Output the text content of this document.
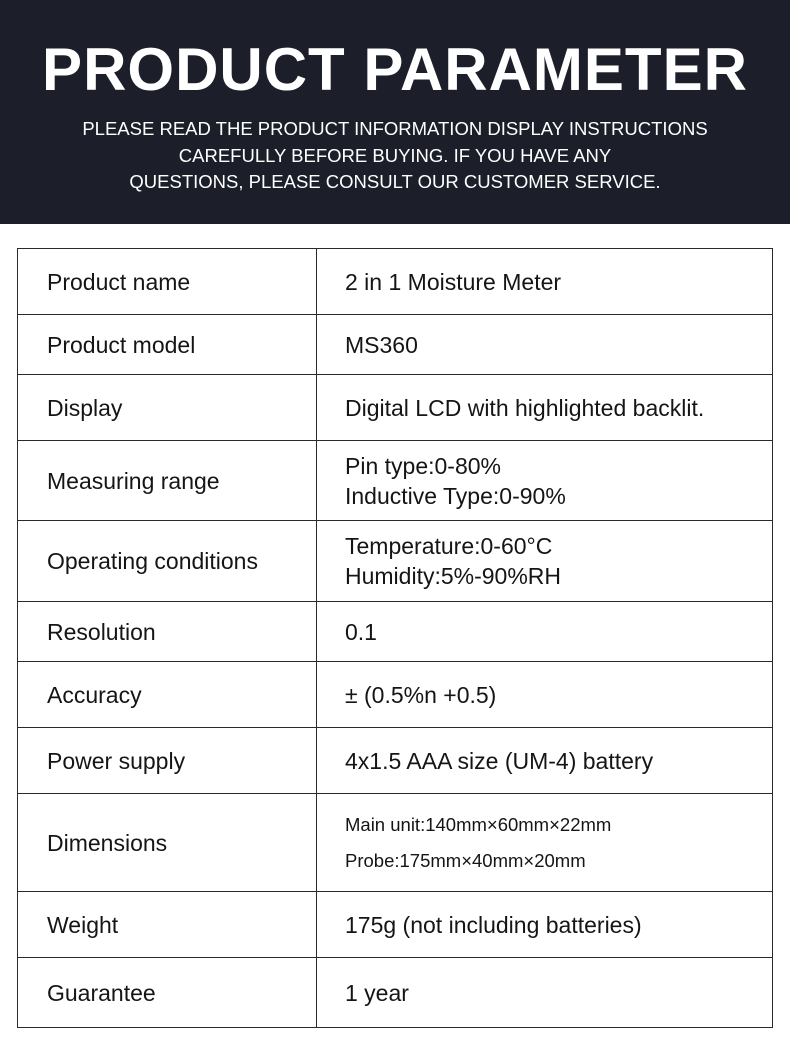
PRODUCT PARAMETER

PLEASE READ THE PRODUCT INFORMATION DISPLAY INSTRUCTIONS
CAREFULLY BEFORE BUYING. IF YOU HAVE ANY
QUESTIONS, PLEASE CONSULT OUR CUSTOMER SERVICE.

Product name	2 in 1 Moisture Meter

Product model	MS360

Display	Digital LCD with highlighted backlit.

Measuring range	Pin type:0-80%
Inductive Type:0-90%

Operating conditions	Temperature:0-60°C
Humidity:5%-90%RH

Resolution	0.1

Accuracy	± (0.5%n +0.5)

Power supply	4x1.5 AAA size (UM-4) battery

Dimensions	Main unit:140mm×60mm×22mm
Probe:175mm×40mm×20mm

Weight	175g (not including batteries)

Guarantee	1 year
